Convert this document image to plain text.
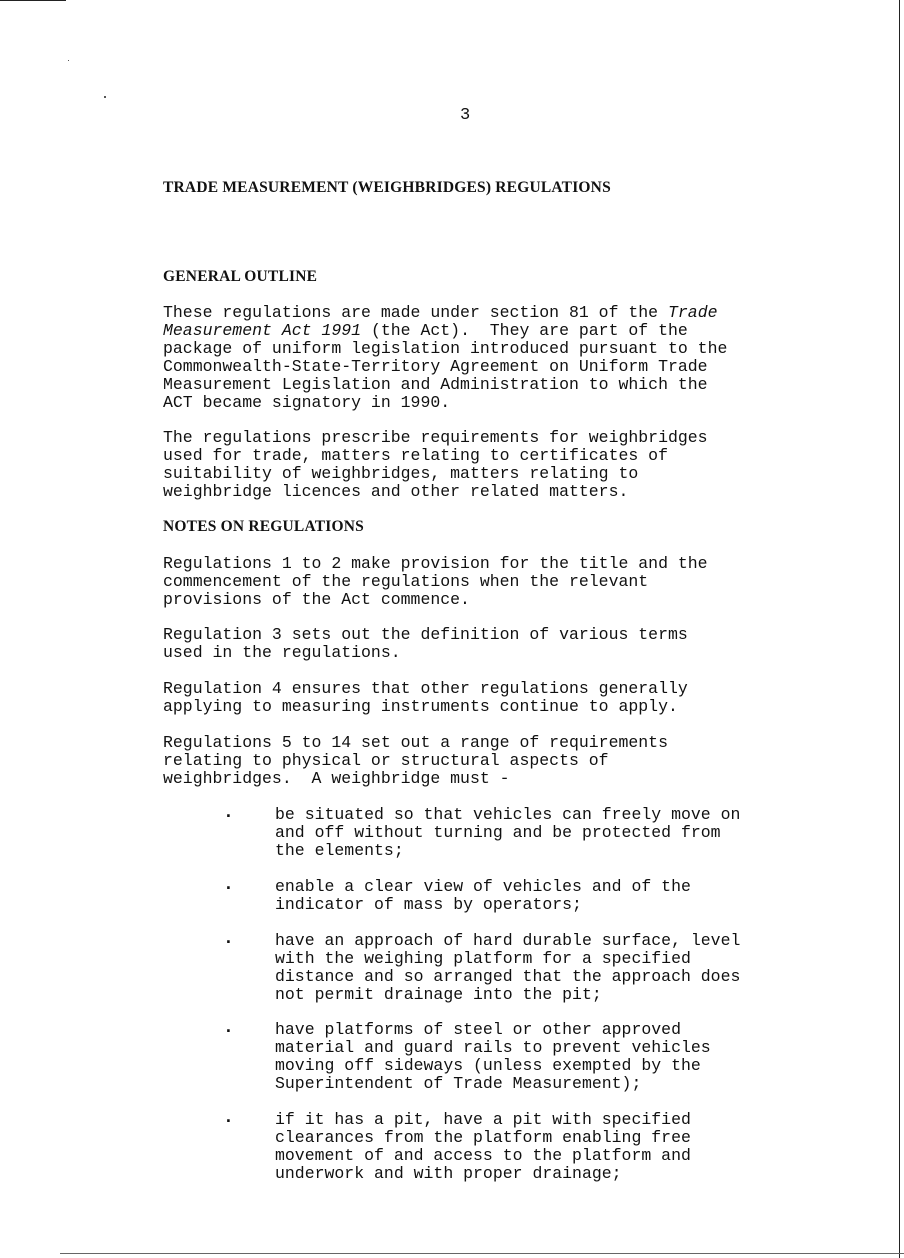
3
TRADE MEASUREMENT (WEIGHBRIDGES) REGULATIONS
GENERAL OUTLINE
These regulations are made under section 81 of the Trade
Measurement Act 1991 (the Act).  They are part of the
package of uniform legislation introduced pursuant to the
Commonwealth-State-Territory Agreement on Uniform Trade
Measurement Legislation and Administration to which the
ACT became signatory in 1990.
The regulations prescribe requirements for weighbridges
used for trade, matters relating to certificates of
suitability of weighbridges, matters relating to
weighbridge licences and other related matters.
NOTES ON REGULATIONS
Regulations 1 to 2 make provision for the title and the
commencement of the regulations when the relevant
provisions of the Act commence.
Regulation 3 sets out the definition of various terms
used in the regulations.
Regulation 4 ensures that other regulations generally
applying to measuring instruments continue to apply.
Regulations 5 to 14 set out a range of requirements
relating to physical or structural aspects of
weighbridges.  A weighbridge must -
. be situated so that vehicles can freely move on
and off without turning and be protected from
the elements;
. enable a clear view of vehicles and of the
indicator of mass by operators;
. have an approach of hard durable surface, level
with the weighing platform for a specified
distance and so arranged that the approach does
not permit drainage into the pit;
. have platforms of steel or other approved
material and guard rails to prevent vehicles
moving off sideways (unless exempted by the
Superintendent of Trade Measurement);
. if it has a pit, have a pit with specified
clearances from the platform enabling free
movement of and access to the platform and
underwork and with proper drainage;
